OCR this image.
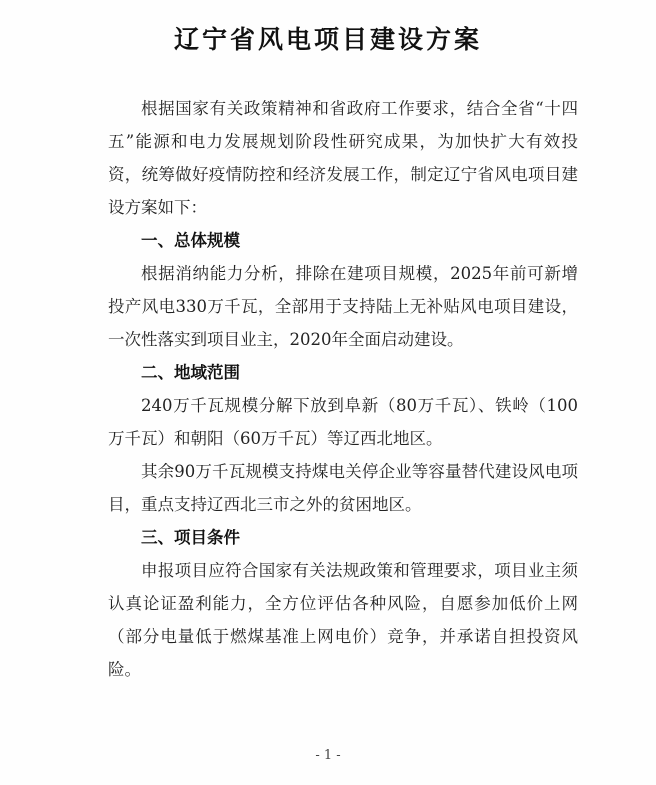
辽宁省风电项目建设方案

根据国家有关政策精神和省政府工作要求，结合全省“十四五”能源和电力发展规划阶段性研究成果，为加快扩大有效投资，统筹做好疫情防控和经济发展工作，制定辽宁省风电项目建设方案如下：

一、总体规模

根据消纳能力分析，排除在建项目规模，2025年前可新增投产风电330万千瓦，全部用于支持陆上无补贴风电项目建设，一次性落实到项目业主，2020年全面启动建设。

二、地域范围

240万千瓦规模分解下放到阜新（80万千瓦）、铁岭（100万千瓦）和朝阳（60万千瓦）等辽西北地区。

其余90万千瓦规模支持煤电关停企业等容量替代建设风电项目，重点支持辽西北三市之外的贫困地区。

三、项目条件

申报项目应符合国家有关法规政策和管理要求，项目业主须认真论证盈利能力，全方位评估各种风险，自愿参加低价上网（部分电量低于燃煤基准上网电价）竞争，并承诺自担投资风险。

- 1 -
